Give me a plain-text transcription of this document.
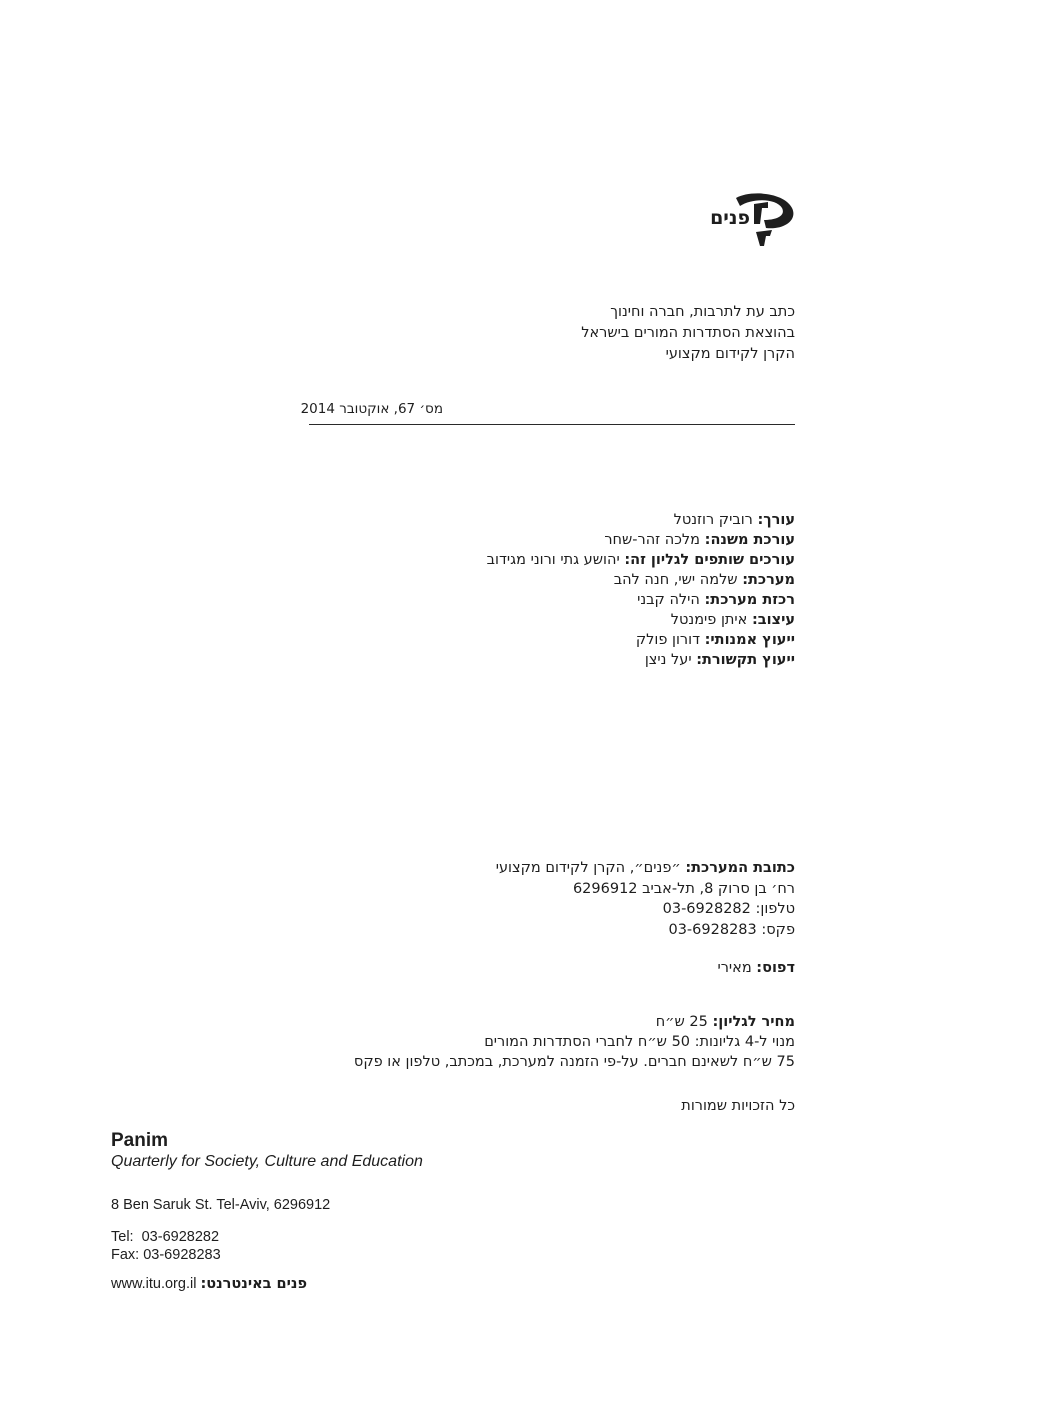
פנים
כתב עת לתרבות, חברה וחינוך
בהוצאת הסתדרות המורים בישראל
הקרן לקידום מקצועי
מס׳ 67, אוקטובר 2014
עורך: רוביק רוזנטל
עורכת משנה: מלכה זהר-שחר
עורכים שותפים לגליון זה: יהושע גתי ורוני מגידוב
מערכת: שלמה ישי, חנה להב
רכזת מערכת: הילה קבני
עיצוב: איתן פימנטל
ייעוץ אמנותי: דורון פולק
ייעוץ תקשורת: יעל ניצן
כתובת המערכת: ״פנים״, הקרן לקידום מקצועי
רח׳ בן סרוק 8, תל-אביב 6296912
טלפון: 03-6928282
פקס: 03-6928283
דפוס: מאירי
מחיר לגליון: 25 ש״ח
מנוי ל-4 גליונות: 50 ש״ח לחברי הסתדרות המורים
75 ש״ח לשאינם חברים. על-פי הזמנה למערכת, במכתב, טלפון או פקס
כל הזכויות שמורות
Panim
Quarterly for Society, Culture and Education
8 Ben Saruk St. Tel-Aviv, 6296912
Tel:  03-6928282
Fax: 03-6928283
www.itu.org.il פנים באינטרנט:
